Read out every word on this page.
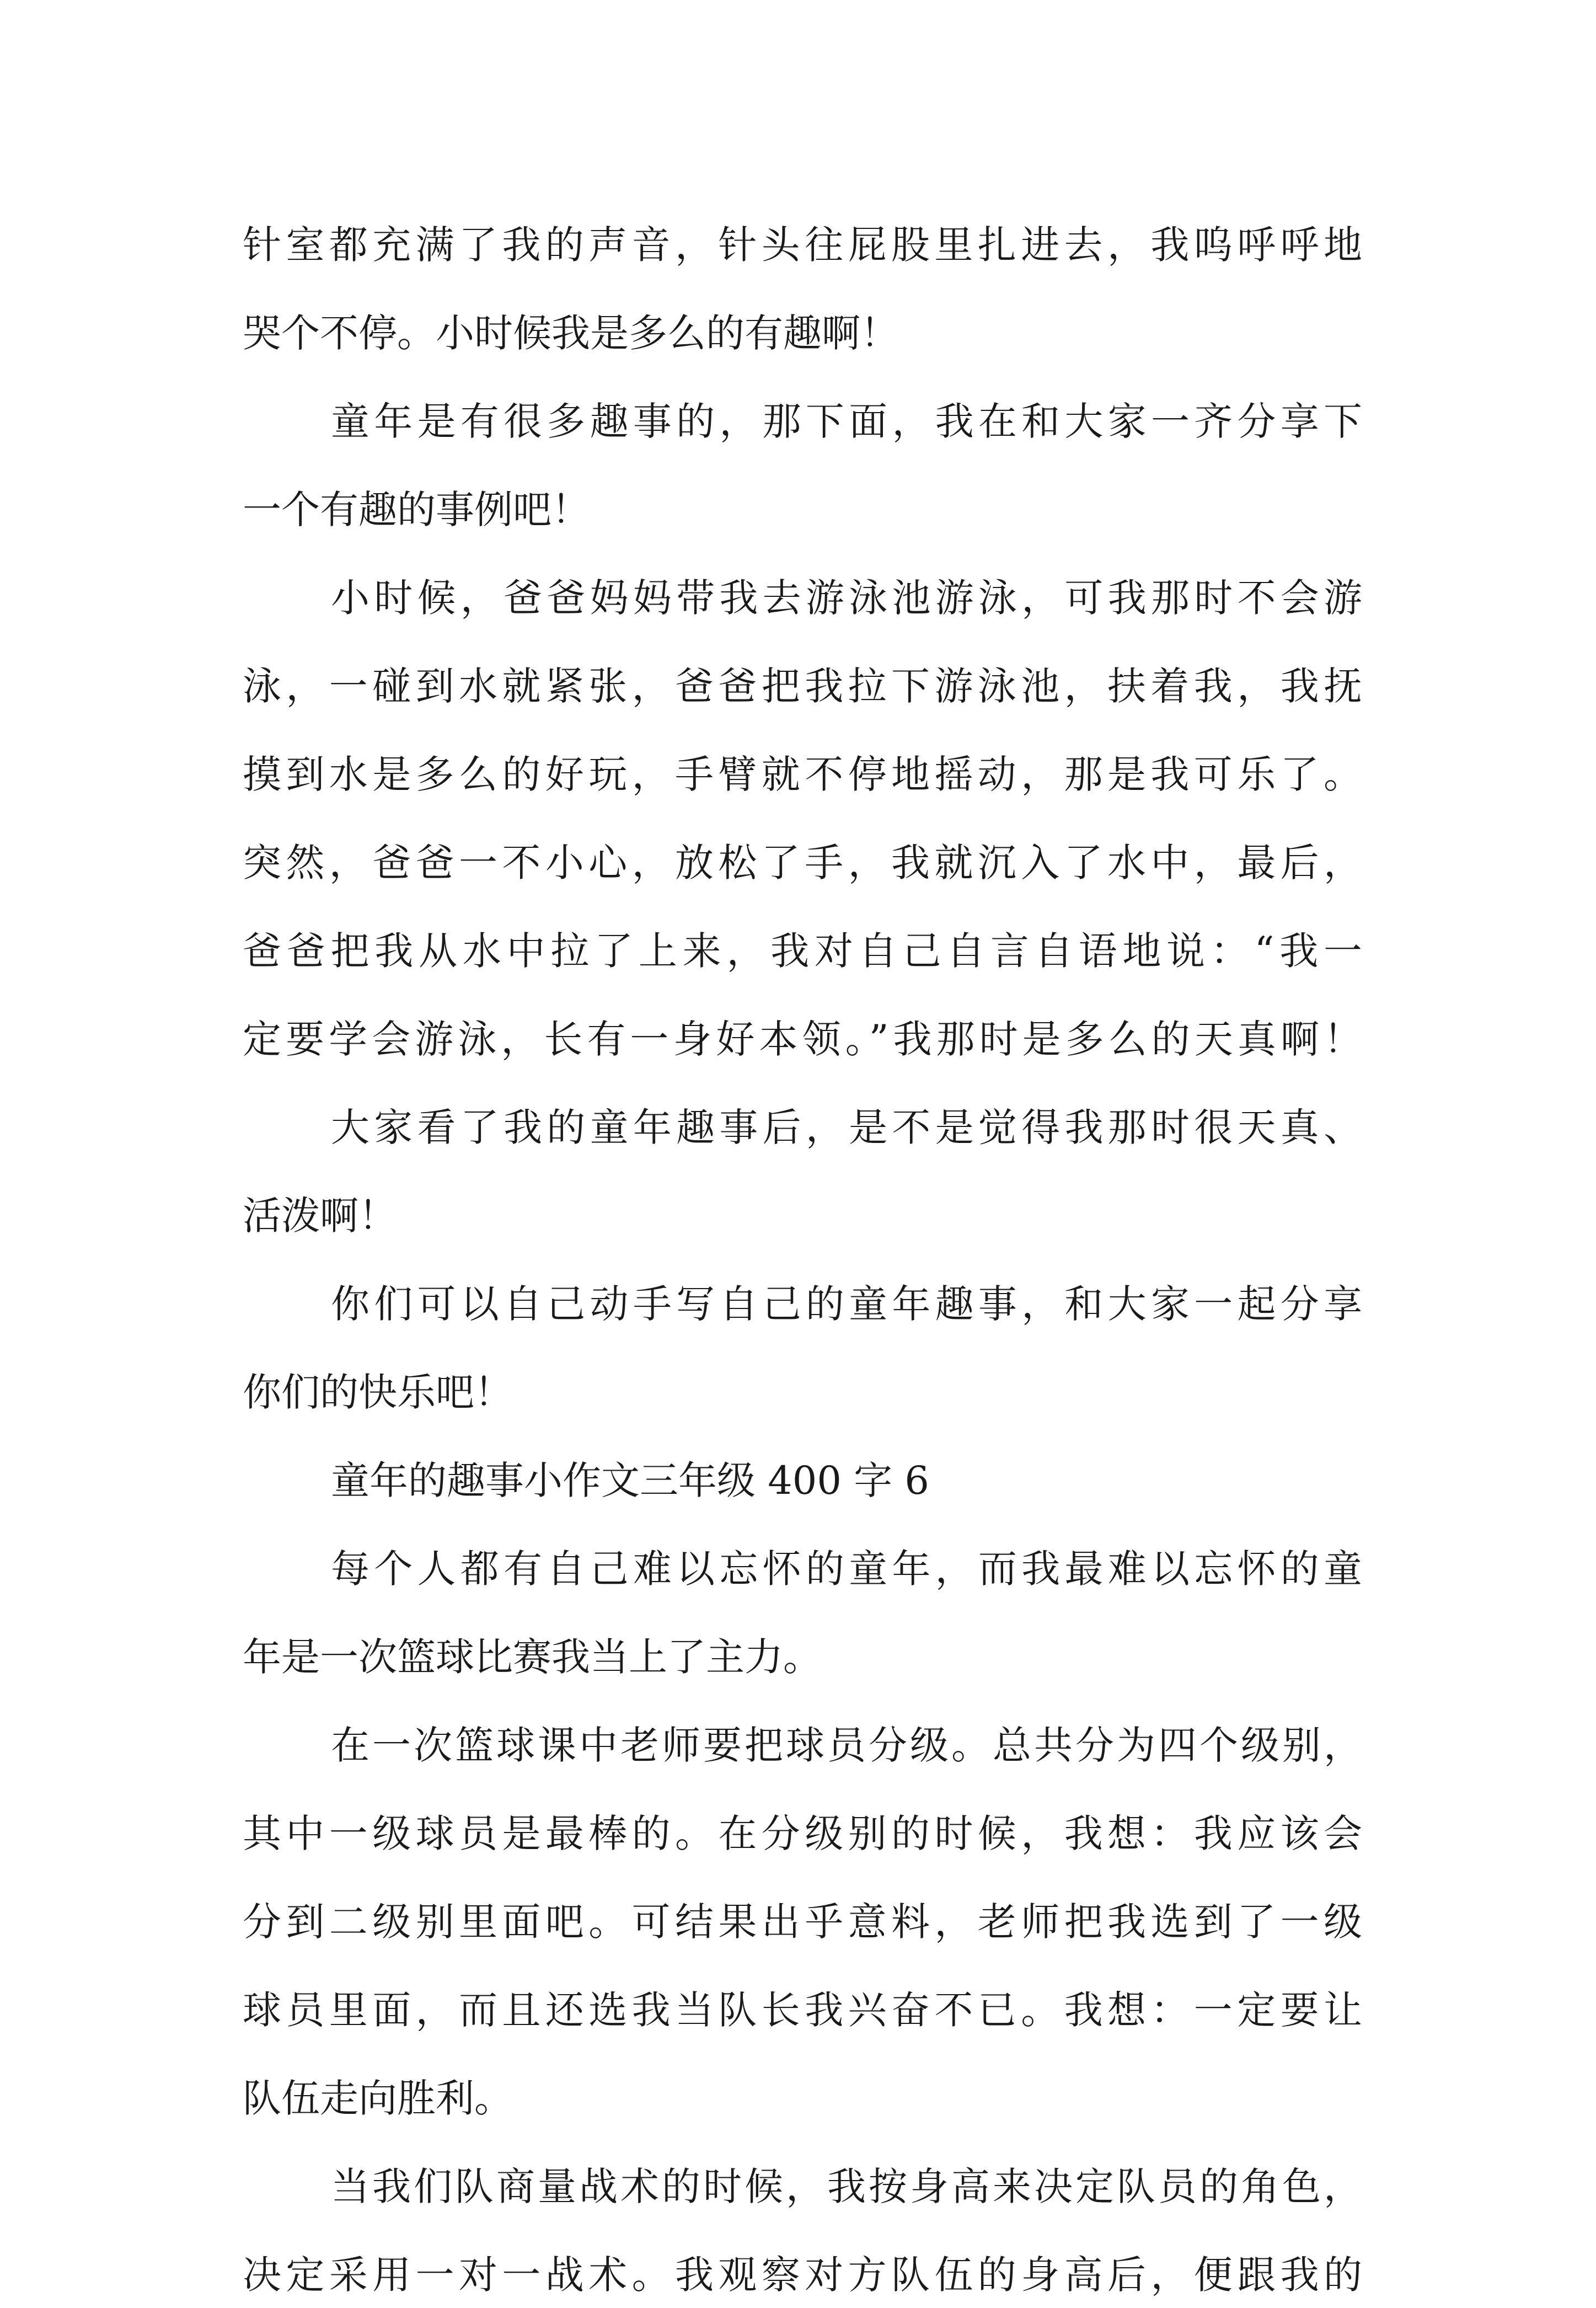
针室都充满了我的声音，针头往屁股里扎进去，我呜呼呼地
哭个不停。小时候我是多么的有趣啊！
童年是有很多趣事的，那下面，我在和大家一齐分享下
一个有趣的事例吧！
小时候，爸爸妈妈带我去游泳池游泳，可我那时不会游
泳，一碰到水就紧张，爸爸把我拉下游泳池，扶着我，我抚
摸到水是多么的好玩，手臂就不停地摇动，那是我可乐了。
突然，爸爸一不小心，放松了手，我就沉入了水中，最后，
爸爸把我从水中拉了上来，我对自己自言自语地说：“我一
定要学会游泳，长有一身好本领。”我那时是多么的天真啊！
大家看了我的童年趣事后，是不是觉得我那时很天真、
活泼啊！
你们可以自己动手写自己的童年趣事，和大家一起分享
你们的快乐吧！
童年的趣事小作文三年级 400 字 6
每个人都有自己难以忘怀的童年，而我最难以忘怀的童
年是一次篮球比赛我当上了主力。
在一次篮球课中老师要把球员分级。总共分为四个级别，
其中一级球员是最棒的。在分级别的时候，我想：我应该会
分到二级别里面吧。可结果出乎意料，老师把我选到了一级
球员里面，而且还选我当队长我兴奋不已。我想：一定要让
队伍走向胜利。
当我们队商量战术的时候，我按身高来决定队员的角色，
决定采用一对一战术。我观察对方队伍的身高后，便跟我的
